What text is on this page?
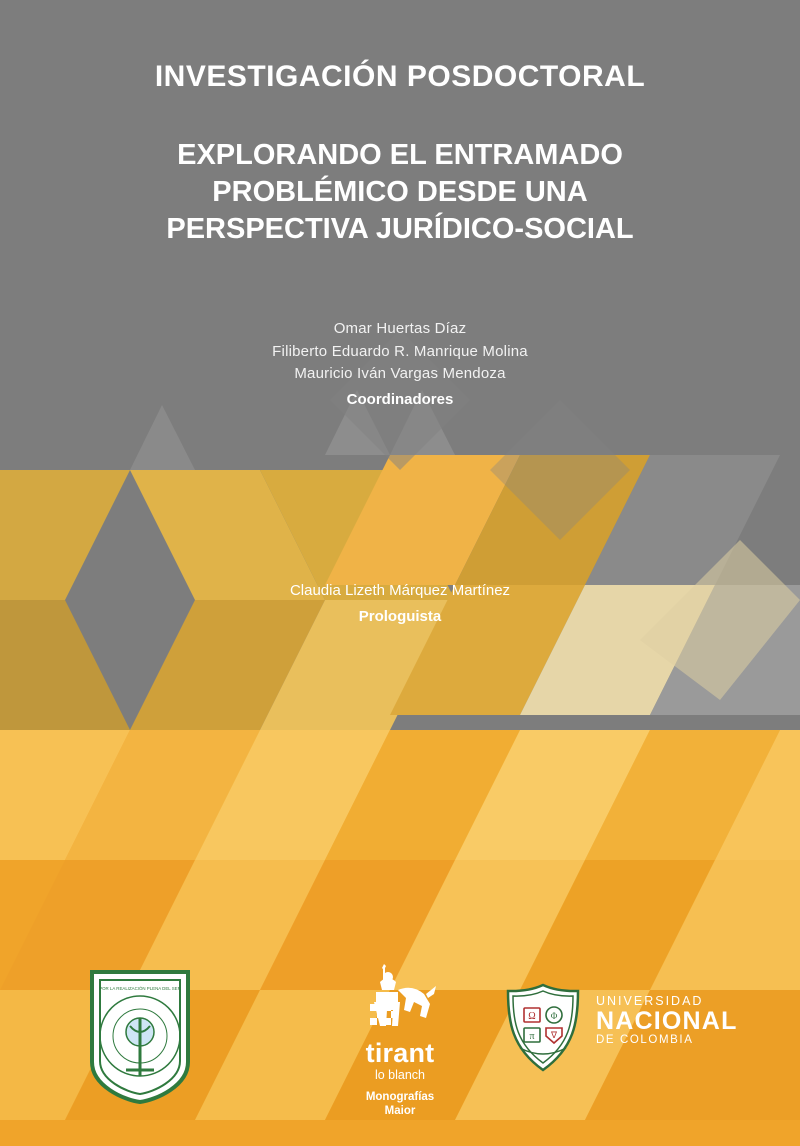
INVESTIGACIÓN POSDOCTORAL
EXPLORANDO EL ENTRAMADO
PROBLÉMICO DESDE UNA
PERSPECTIVA JURÍDICO-SOCIAL
Omar Huertas Díaz
Filiberto Eduardo R. Manrique Molina
Mauricio Iván Vargas Mendoza
Coordinadores
Claudia Lizeth Márquez Martínez
Prologuista
POR LA REALIZACIÓN PLENA DEL SER
tirant
lo blanch
Monografías
Maior
Ω Φ
π ∇
UNIVERSIDAD
NACIONAL
DE COLOMBIA
